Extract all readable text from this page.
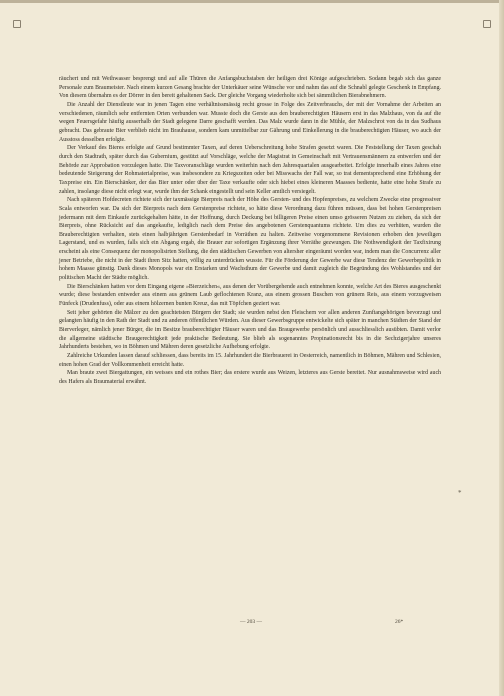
räuchert und mit Weihwasser besprengt und auf alle Thüren die Anfangsbuchstaben der heiligen drei Könige aufgeschrieben. Sodann begab sich das ganze Personale zum Braumeister. Nach einem kurzen Gesang brachte der Unterkäuer seine Wünsche vor und nahm das auf die Schnabl gelegte Geschenk in Empfang. Von diesem übernahm es der Dörrer in den bereit gehaltenen Sack. Der gleiche Vorgang wiederholte sich bei sämmtlichen Bierabnehmern.

Die Anzahl der Dienstleute war in jenen Tagen eine verhältnissmässig recht grosse in Folge des Zeitverbrauchs, der mit der Vornahme der Arbeiten an verschiedenen, räumlich sehr entfernten Orten verbunden war. Musste doch die Gerste aus den brauberechtigten Häusern erst in das Malzhaus, von da auf die wegen Feuersgefahr häufig ausserhalb der Stadt gelegene Darre geschafft werden. Das Malz wurde dann in die Mühle, der Malzschrot von da in das Sudhaus gebracht. Das gebraute Bier verblieb nicht im Brauhause, sondern kam unmittelbar zur Gährung und Einkellerung in die brauberechtigten Häuser, wo auch der Ausstoss desselben erfolgte.

Der Verkauf des Bieres erfolgte auf Grund bestimmter Taxen, auf deren Ueberschreitung hohe Strafen gesetzt waren. Die Feststellung der Taxen geschah durch den Stadtrath, später durch das Gubernium, gestützt auf Vorschläge, welche der Magistrat in Gemeinschaft mit Vertrauensmännern zu entwerfen und der Behörde zur Approbation vorzulegen hatte. Die Taxvoranschläge wurden weiterhin nach den Jahresquartalen ausgearbeitet. Erfolgte innerhalb eines Jahres eine bedeutende Steigerung der Rohmaterialpreise, was insbesondere zu Kriegszeiten oder bei Misswachs der Fall war, so trat dementsprechend eine Erhöhung der Taxpreise ein. Ein Bierschänker, der das Bier unter oder über der Taxe verkaufte oder sich hiebei eines kleineren Maasses bediente, hatte eine hohe Strafe zu zahlen, insolange diese nicht erlegt war, wurde ihm der Schank eingestellt und sein Keller amtlich versiegelt.

Nach späteren Hofdecreten richtete sich der taxmässige Bierpreis nach der Höhe des Gersten- und des Hopfenpreises, zu welchem Zwecke eine progressiver Scala entworfen war. Da sich der Bierpreis nach dem Gerstenpreise richtete, so hätte diese Verordnung dazu führen müssen, dass bei hohen Gerstenpreisen jedermann mit dem Einkaufe zurückgehalten hätte, in der Hoffnung, durch Deckung bei billigeren Preise einen umso grösseren Nutzen zu ziehen, da sich der Bierpreis, ohne Rücksicht auf das angekaufte, lediglich nach dem Preise des angebotenen Gerstenquantums richtete. Um dies zu verhüten, wurden die Brauberechtigten verhalten, stets einen halbjährigen Gerstenbedarf in Vorräthen zu halten. Zeitweise vorgenommene Revisionen erhoben den jeweiligen Lagerstand, und es wurden, falls sich ein Abgang ergab, die Brauer zur sofortigen Ergänzung ihrer Vorräthe gezwungen. Die Nothwendigkeit der Taxfixirung erscheint als eine Consequenz der monopolisirten Stellung, die den städtischen Gewerben von altersher eingeräumt worden war, indem man die Concurrenz aller jener Betriebe, die nicht in der Stadt ihren Sitz hatten, völlig zu unterdrücken wusste. Für die Förderung der Gewerbe war diese Tendenz der Gewerbepolitik in hohem Maasse günstig. Dank dieses Monopols war ein Erstarken und Wachsthum der Gewerbe und damit zugleich die Begründung des Wohlstandes und der politischen Macht der Städte möglich.

Die Bierschänken hatten vor dem Eingang eigene »Bierzeichen«, aus denen der Vorübergehende auch entnehmen konnte, welche Art des Bieres ausgeschenkt wurde; diese bestanden entweder aus einem aus grünem Laub geflochtenen Kranz, aus einem grossen Buschen von grünem Reis, aus einem vorzugweisen Fünfeck (Drudenfuss), oder aus einem hölzernen bunten Kreuz, das mit Töpfchen geziert war.

Seit jeher gehörten die Mälzer zu den geachtetsten Bürgern der Stadt; sie wurden nebst den Fleischern vor allen anderen Zunftangehörigen bevorzugt und gelangten häufig in den Rath der Stadt und zu anderen öffentlichen Würden. Aus dieser Gewerbsgruppe entwickelte sich später in manchen Städten der Stand der Bierverleger, nämlich jener Bürger, die im Besitze brauberechtigter Häuser waren und das Braugewerbe persönlich und ausschliesslich ausübten. Damit verlor die allgemeine städtische Braugerechtigkeit jede praktische Bedeutung. Sie blieb als sogenanntes Propinationsrecht bis in die Sechzigerjahre unseres Jahrhunderts bestehen, wo in Böhmen und Mähren deren gesetzliche Aufhebung erfolgte.

Zahlreiche Urkunden lassen darauf schliessen, dass bereits im 15. Jahrhundert die Bierbrauerei in Oesterreich, namentlich in Böhmen, Mähren und Schlesien, einen hohen Grad der Vollkommenheit erreicht hatte.

Man braute zwei Biergattungen, ein weisses und ein rothes Bier; das erstere wurde aus Weizen, letzteres aus Gerste bereitet. Nur ausnahmsweise wird auch des Hafers als Braumaterial erwähnt.

*
— 203 —	26*
